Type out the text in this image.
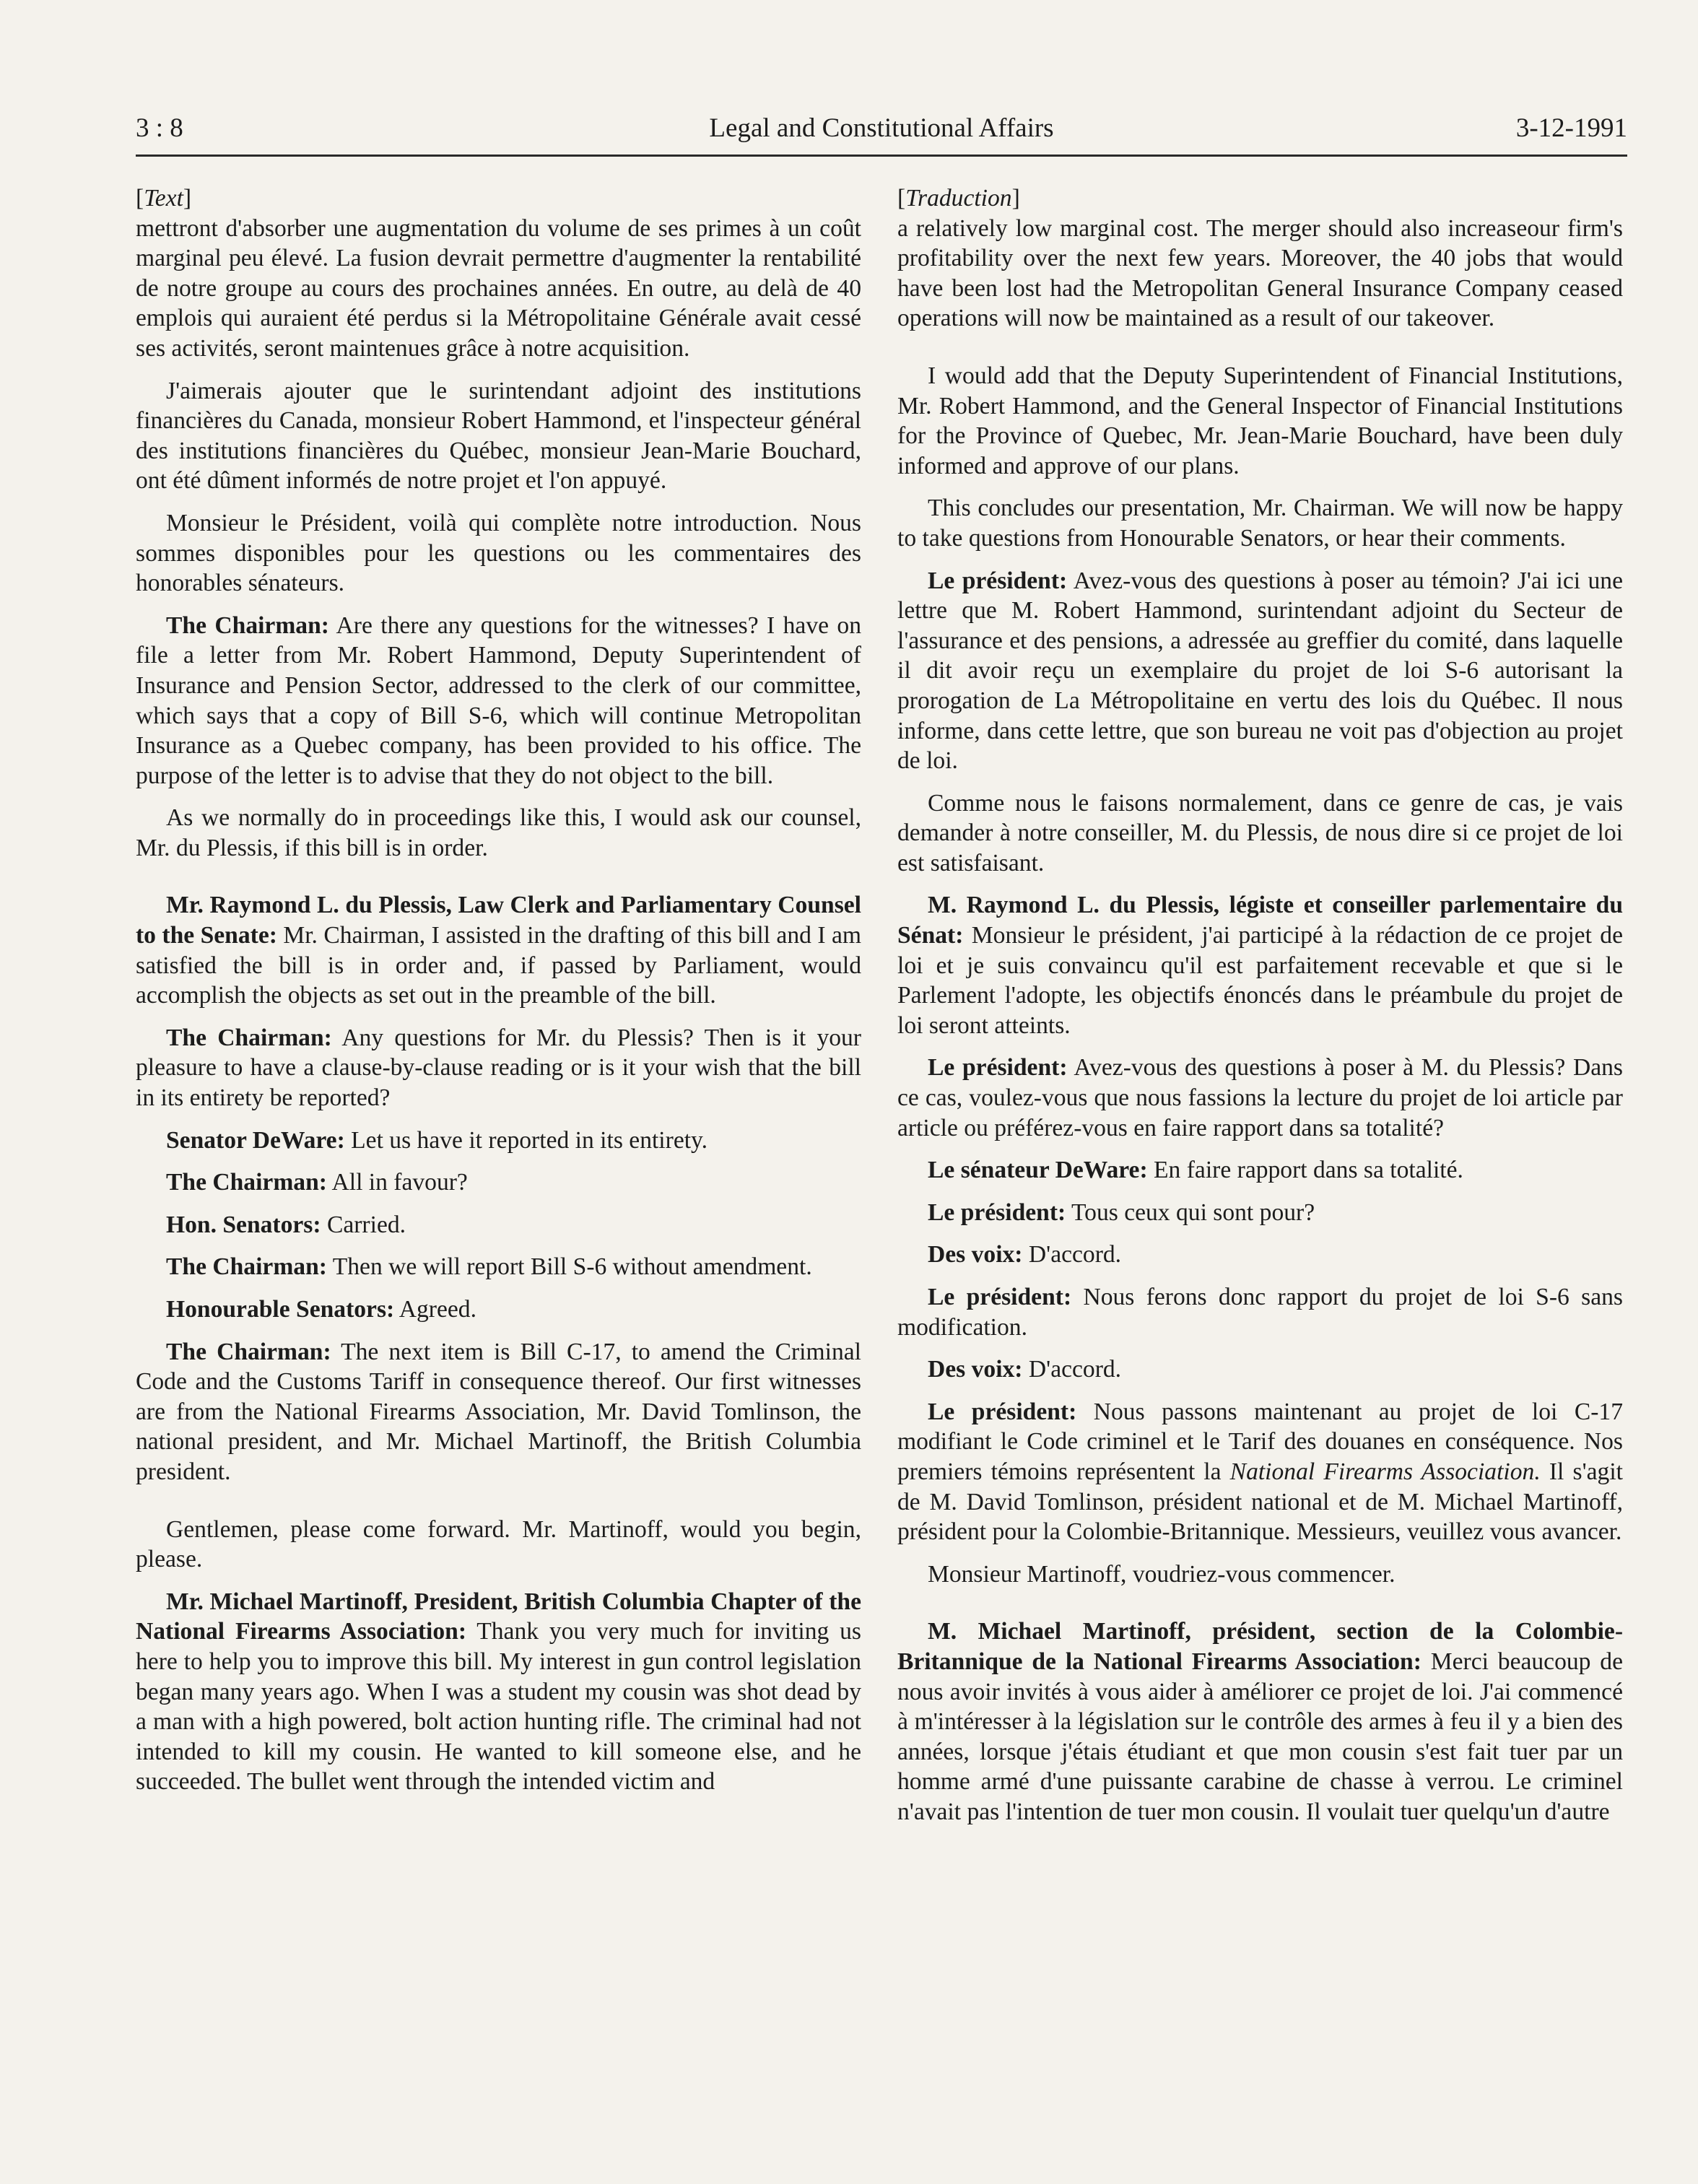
3 : 8	Legal and Constitutional Affairs	3-12-1991

[Text]

mettront d'absorber une augmentation du volume de ses primes à un coût marginal peu élevé. La fusion devrait permettre d'augmenter la rentabilité de notre groupe au cours des prochaines années. En outre, au delà de 40 emplois qui auraient été perdus si la Métropolitaine Générale avait cessé ses activités, seront maintenues grâce à notre acquisition.

J'aimerais ajouter que le surintendant adjoint des institutions financières du Canada, monsieur Robert Hammond, et l'inspecteur général des institutions financières du Québec, monsieur Jean-Marie Bouchard, ont été dûment informés de notre projet et l'on appuyé.

Monsieur le Président, voilà qui complète notre introduction. Nous sommes disponibles pour les questions ou les commentaires des honorables sénateurs.

The Chairman: Are there any questions for the witnesses? I have on file a letter from Mr. Robert Hammond, Deputy Superintendent of Insurance and Pension Sector, addressed to the clerk of our committee, which says that a copy of Bill S-6, which will continue Metropolitan Insurance as a Quebec company, has been provided to his office. The purpose of the letter is to advise that they do not object to the bill.

As we normally do in proceedings like this, I would ask our counsel, Mr. du Plessis, if this bill is in order.

Mr. Raymond L. du Plessis, Law Clerk and Parliamentary Counsel to the Senate: Mr. Chairman, I assisted in the drafting of this bill and I am satisfied the bill is in order and, if passed by Parliament, would accomplish the objects as set out in the preamble of the bill.

The Chairman: Any questions for Mr. du Plessis? Then is it your pleasure to have a clause-by-clause reading or is it your wish that the bill in its entirety be reported?

Senator DeWare: Let us have it reported in its entirety.

The Chairman: All in favour?

Hon. Senators: Carried.

The Chairman: Then we will report Bill S-6 without amendment.

Honourable Senators: Agreed.

The Chairman: The next item is Bill C-17, to amend the Criminal Code and the Customs Tariff in consequence thereof. Our first witnesses are from the National Firearms Association, Mr. David Tomlinson, the national president, and Mr. Michael Martinoff, the British Columbia president.

Gentlemen, please come forward. Mr. Martinoff, would you begin, please.

Mr. Michael Martinoff, President, British Columbia Chapter of the National Firearms Association: Thank you very much for inviting us here to help you to improve this bill. My interest in gun control legislation began many years ago. When I was a student my cousin was shot dead by a man with a high powered, bolt action hunting rifle. The criminal had not intended to kill my cousin. He wanted to kill someone else, and he succeeded. The bullet went through the intended victim and

[Traduction]

a relatively low marginal cost. The merger should also increaseour firm's profitability over the next few years. Moreover, the 40 jobs that would have been lost had the Metropolitan General Insurance Company ceased operations will now be maintained as a result of our takeover.

I would add that the Deputy Superintendent of Financial Institutions, Mr. Robert Hammond, and the General Inspector of Financial Institutions for the Province of Quebec, Mr. Jean-Marie Bouchard, have been duly informed and approve of our plans.

This concludes our presentation, Mr. Chairman. We will now be happy to take questions from Honourable Senators, or hear their comments.

Le président: Avez-vous des questions à poser au témoin? J'ai ici une lettre que M. Robert Hammond, surintendant adjoint du Secteur de l'assurance et des pensions, a adressée au greffier du comité, dans laquelle il dit avoir reçu un exemplaire du projet de loi S-6 autorisant la prorogation de La Métropolitaine en vertu des lois du Québec. Il nous informe, dans cette lettre, que son bureau ne voit pas d'objection au projet de loi.

Comme nous le faisons normalement, dans ce genre de cas, je vais demander à notre conseiller, M. du Plessis, de nous dire si ce projet de loi est satisfaisant.

M. Raymond L. du Plessis, légiste et conseiller parlementaire du Sénat: Monsieur le président, j'ai participé à la rédaction de ce projet de loi et je suis convaincu qu'il est parfaitement recevable et que si le Parlement l'adopte, les objectifs énoncés dans le préambule du projet de loi seront atteints.

Le président: Avez-vous des questions à poser à M. du Plessis? Dans ce cas, voulez-vous que nous fassions la lecture du projet de loi article par article ou préférez-vous en faire rapport dans sa totalité?

Le sénateur DeWare: En faire rapport dans sa totalité.

Le président: Tous ceux qui sont pour?

Des voix: D'accord.

Le président: Nous ferons donc rapport du projet de loi S-6 sans modification.

Des voix: D'accord.

Le président: Nous passons maintenant au projet de loi C-17 modifiant le Code criminel et le Tarif des douanes en conséquence. Nos premiers témoins représentent la National Firearms Association. Il s'agit de M. David Tomlinson, président national et de M. Michael Martinoff, président pour la Colombie-Britannique. Messieurs, veuillez vous avancer.

Monsieur Martinoff, voudriez-vous commencer.

M. Michael Martinoff, président, section de la Colombie-Britannique de la National Firearms Association: Merci beaucoup de nous avoir invités à vous aider à améliorer ce projet de loi. J'ai commencé à m'intéresser à la législation sur le contrôle des armes à feu il y a bien des années, lorsque j'étais étudiant et que mon cousin s'est fait tuer par un homme armé d'une puissante carabine de chasse à verrou. Le criminel n'avait pas l'intention de tuer mon cousin. Il voulait tuer quelqu'un d'autre
